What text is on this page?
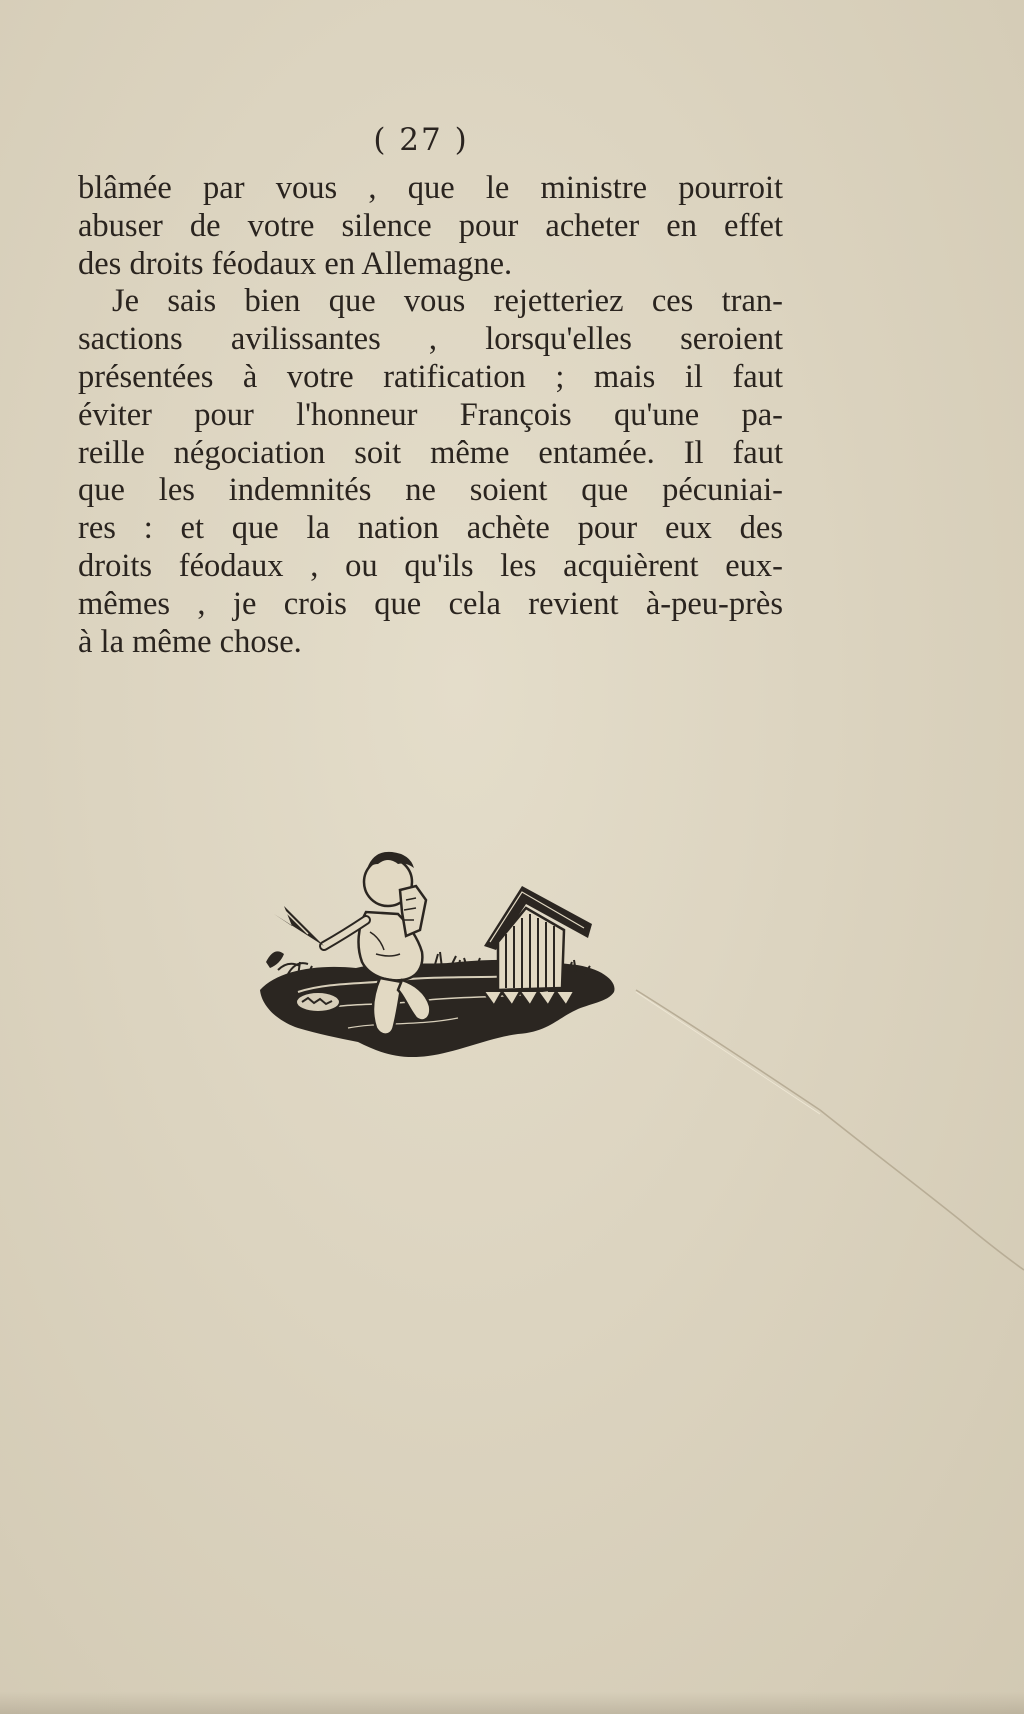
( 27 )
blâmée par vous , que le ministre pourroit
abuser de votre silence pour acheter en effet
des droits féodaux en Allemagne.
Je sais bien que vous rejetteriez ces tran-
sactions avilissantes , lorsqu'elles seroient
présentées à votre ratification ; mais il faut
éviter pour l'honneur François qu'une pa-
reille négociation soit même entamée. Il faut
que les indemnités ne soient que pécuniai-
res : et que la nation achète pour eux des
droits féodaux , ou qu'ils les acquièrent eux-
mêmes , je crois que cela revient à-peu-près
à la même chose.
